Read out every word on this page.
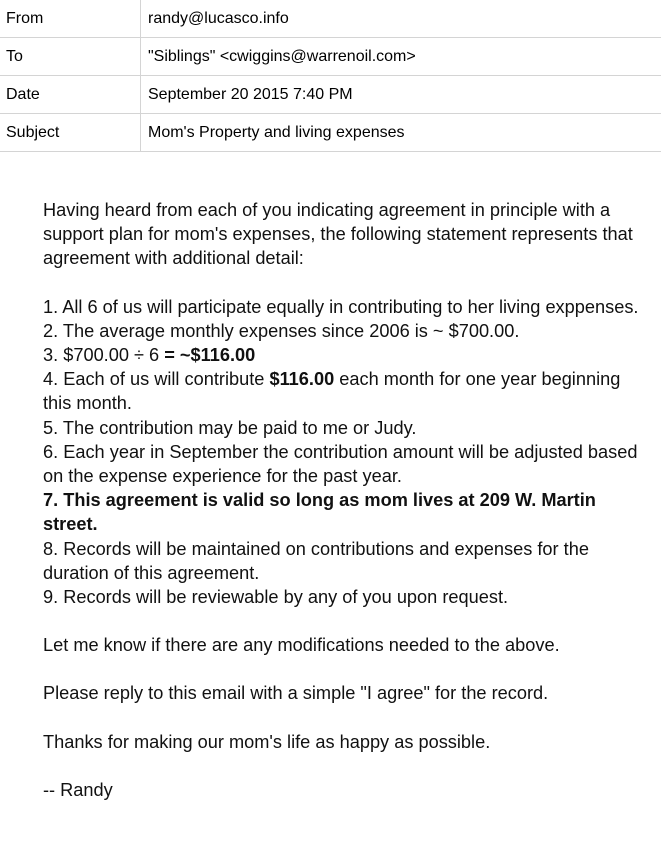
From	randy@lucasco.info
To	"Siblings" <cwiggins@warrenoil.com>
Date	September 20 2015 7:40 PM
Subject	Mom's Property and living expenses

Having heard from each of you indicating agreement in principle with a support plan for mom's expenses, the following statement represents that agreement with additional detail:

1. All 6 of us will participate equally in contributing to her living exppenses.

2. The average monthly expenses since 2006 is ~ $700.00.

3. $700.00 ÷ 6 = ~$116.00

4. Each of us will contribute $116.00 each month for one year beginning this month.

5. The contribution may be paid to me or Judy.

6. Each year in September the contribution amount will be adjusted based on the expense experience for the past year.

7. This agreement is valid so long as mom lives at 209 W. Martin street.

8. Records will be maintained on contributions and expenses for the duration of this agreement.

9. Records will be reviewable by any of you upon request.

Let me know if there are any modifications needed to the above.

Please reply to this email with a simple "I agree" for the record.

Thanks for making our mom's life as happy as possible.

-- Randy
